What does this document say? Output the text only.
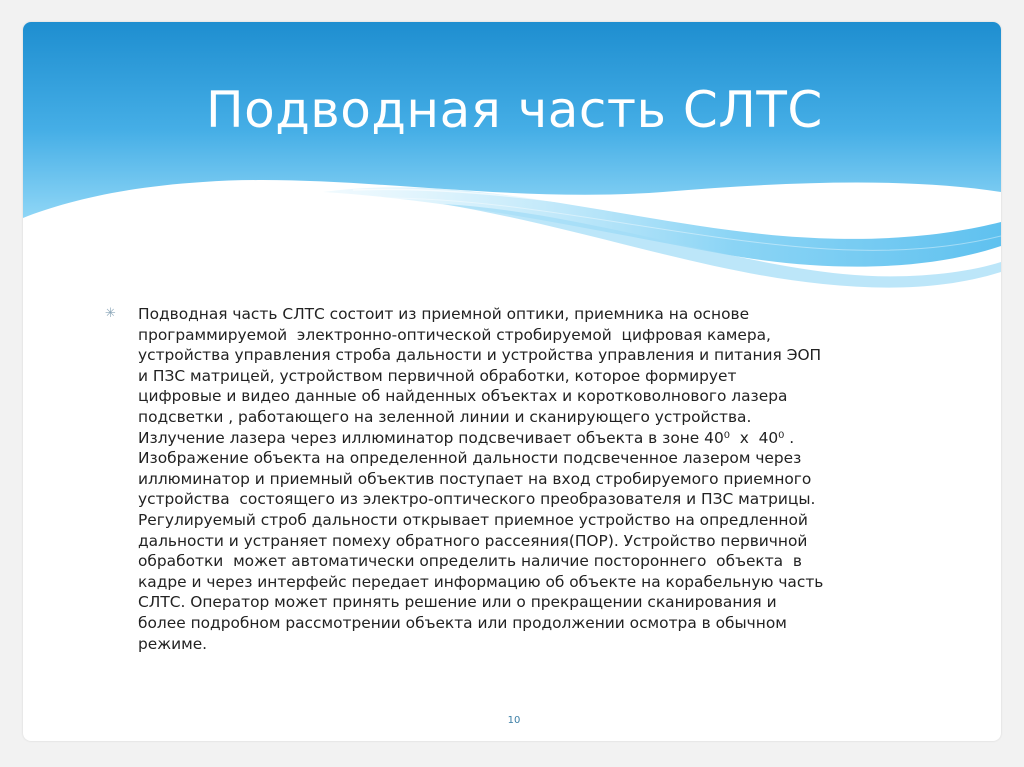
Подводная часть СЛТС
✳ Подводная часть СЛТС состоит из приемной оптики, приемника на основе
программируемой  электронно-оптической стробируемой  цифровая камера,
устройства управления строба дальности и устройства управления и питания ЭОП
и ПЗС матрицей, устройством первичной обработки, которое формирует
цифровые и видео данные об найденных объектах и коротковолнового лазера
подсветки , работающего на зеленной линии и сканирующего устройства.
Излучение лазера через иллюминатор подсвечивает объекта в зоне 40⁰  х  40⁰ .
Изображение объекта на определенной дальности подсвеченное лазером через
иллюминатор и приемный объектив поступает на вход стробируемого приемного
устройства  состоящего из электро-оптического преобразователя и ПЗС матрицы.
Регулируемый строб дальности открывает приемное устройство на опредленной
дальности и устраняет помеху обратного рассеяния(ПОР). Устройство первичной
обработки  может автоматически определить наличие постороннего  объекта  в
кадре и через интерфейс передает информацию об объекте на корабельную часть
СЛТС. Оператор может принять решение или о прекращении сканирования и
более подробном рассмотрении объекта или продолжении осмотра в обычном
режиме.

10
